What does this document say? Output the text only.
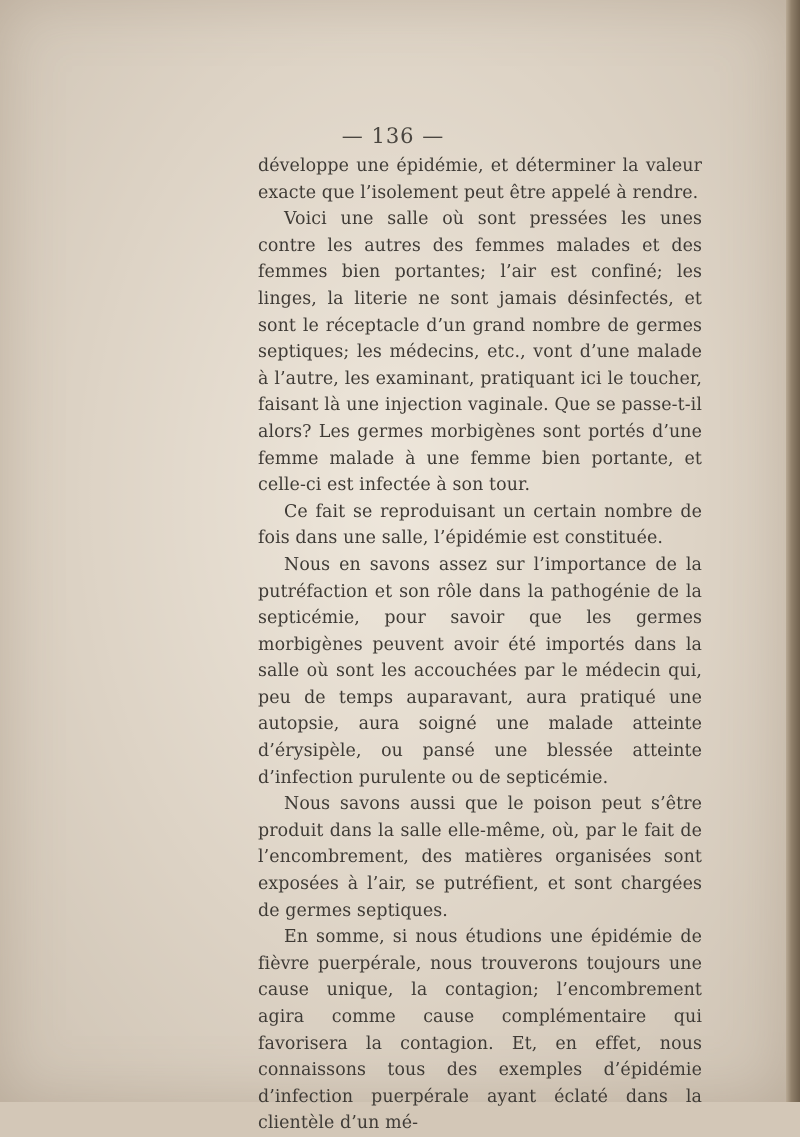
— 136 —

développe une épidémie, et déterminer la valeur exacte que l’isolement peut être appelé à rendre.

Voici une salle où sont pressées les unes contre les autres des femmes malades et des femmes bien portantes; l’air est confiné; les linges, la literie ne sont jamais désinfectés, et sont le réceptacle d’un grand nombre de germes septiques; les médecins, etc., vont d’une malade à l’autre, les examinant, pratiquant ici le toucher, faisant là une injection vaginale. Que se passe-t-il alors? Les germes morbigènes sont portés d’une femme malade à une femme bien portante, et celle-ci est infectée à son tour.

Ce fait se reproduisant un certain nombre de fois dans une salle, l’épidémie est constituée.

Nous en savons assez sur l’importance de la putréfaction et son rôle dans la pathogénie de la septicémie, pour savoir que les germes morbigènes peuvent avoir été importés dans la salle où sont les accouchées par le médecin qui, peu de temps auparavant, aura pratiqué une autopsie, aura soigné une malade atteinte d’érysipèle, ou pansé une blessée atteinte d’infection purulente ou de septicémie.

Nous savons aussi que le poison peut s’être produit dans la salle elle-même, où, par le fait de l’encombrement, des matières organisées sont exposées à l’air, se putréfient, et sont chargées de germes septiques.

En somme, si nous étudions une épidémie de fièvre puerpérale, nous trouverons toujours une cause unique, la contagion; l’encombrement agira comme cause complémentaire qui favorisera la contagion. Et, en effet, nous connaissons tous des exemples d’épidémie d’infection puerpérale ayant éclaté dans la clientèle d’un mé-
